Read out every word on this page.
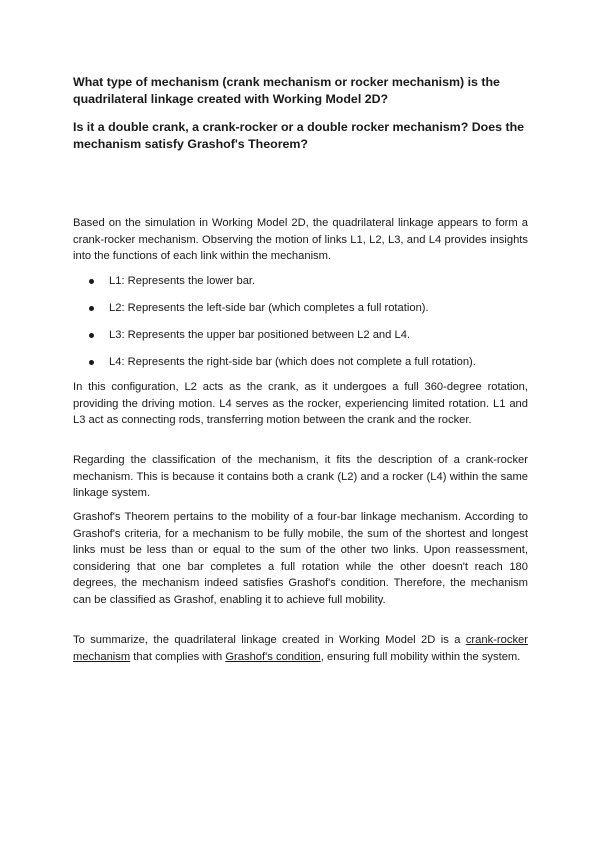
What type of mechanism (crank mechanism or rocker mechanism) is the quadrilateral linkage created with Working Model 2D?

Is it a double crank, a crank-rocker or a double rocker mechanism? Does the mechanism satisfy Grashof's Theorem?

Based on the simulation in Working Model 2D, the quadrilateral linkage appears to form a crank-rocker mechanism. Observing the motion of links L1, L2, L3, and L4 provides insights into the functions of each link within the mechanism.

L1: Represents the lower bar.
L2: Represents the left-side bar (which completes a full rotation).
L3: Represents the upper bar positioned between L2 and L4.
L4: Represents the right-side bar (which does not complete a full rotation).

In this configuration, L2 acts as the crank, as it undergoes a full 360-degree rotation, providing the driving motion. L4 serves as the rocker, experiencing limited rotation. L1 and L3 act as connecting rods, transferring motion between the crank and the rocker.

Regarding the classification of the mechanism, it fits the description of a crank-rocker mechanism. This is because it contains both a crank (L2) and a rocker (L4) within the same linkage system.

Grashof's Theorem pertains to the mobility of a four-bar linkage mechanism. According to Grashof's criteria, for a mechanism to be fully mobile, the sum of the shortest and longest links must be less than or equal to the sum of the other two links. Upon reassessment, considering that one bar completes a full rotation while the other doesn't reach 180 degrees, the mechanism indeed satisfies Grashof's condition. Therefore, the mechanism can be classified as Grashof, enabling it to achieve full mobility.

To summarize, the quadrilateral linkage created in Working Model 2D is a crank-rocker mechanism that complies with Grashof's condition, ensuring full mobility within the system.
